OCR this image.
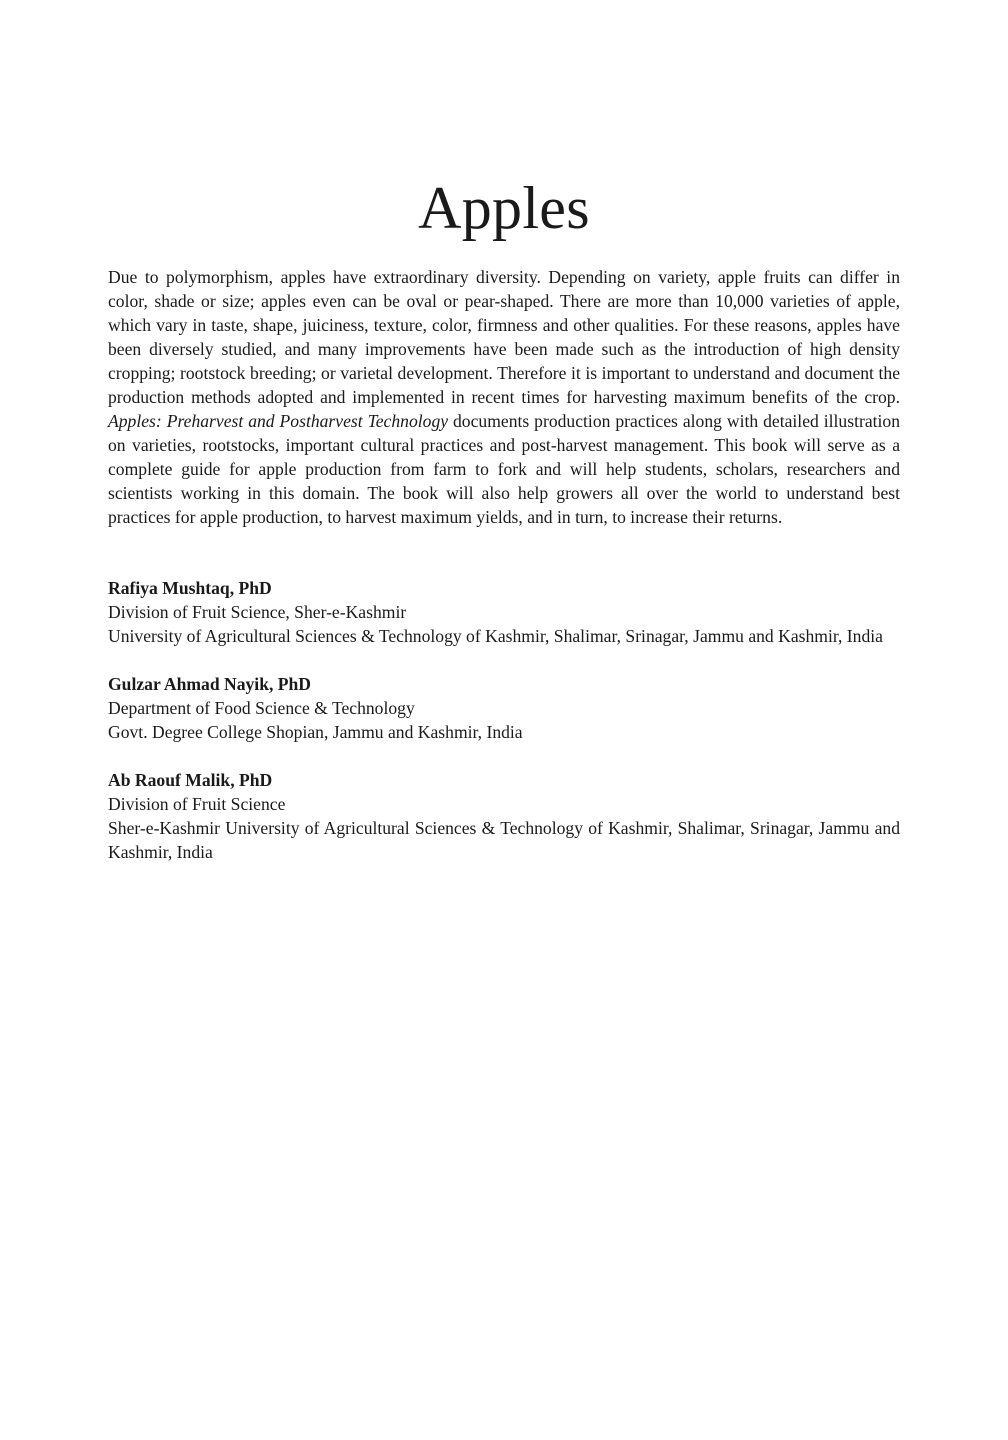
Apples

Due to polymorphism, apples have extraordinary diversity. Depending on variety, apple fruits can differ in color, shade or size; apples even can be oval or pear-shaped. There are more than 10,000 varieties of apple, which vary in taste, shape, juiciness, texture, color, firmness and other qualities. For these reasons, apples have been diversely studied, and many improvements have been made such as the introduction of high density cropping; rootstock breeding; or varietal development. Therefore it is important to understand and document the production methods adopted and implemented in recent times for harvesting maximum benefits of the crop. Apples: Preharvest and Postharvest Technology documents production practices along with detailed illustration on varieties, rootstocks, important cultural practices and post-harvest management. This book will serve as a complete guide for apple production from farm to fork and will help students, scholars, researchers and scientists working in this domain. The book will also help growers all over the world to understand best practices for apple production, to harvest maximum yields, and in turn, to increase their returns.

Rafiya Mushtaq, PhD
Division of Fruit Science, Sher-e-Kashmir
University of Agricultural Sciences & Technology of Kashmir, Shalimar, Srinagar, Jammu and Kashmir, India
Gulzar Ahmad Nayik, PhD
Department of Food Science & Technology
Govt. Degree College Shopian, Jammu and Kashmir, India
Ab Raouf Malik, PhD
Division of Fruit Science
Sher-e-Kashmir University of Agricultural Sciences & Technology of Kashmir, Shalimar, Srinagar, Jammu and Kashmir, India
